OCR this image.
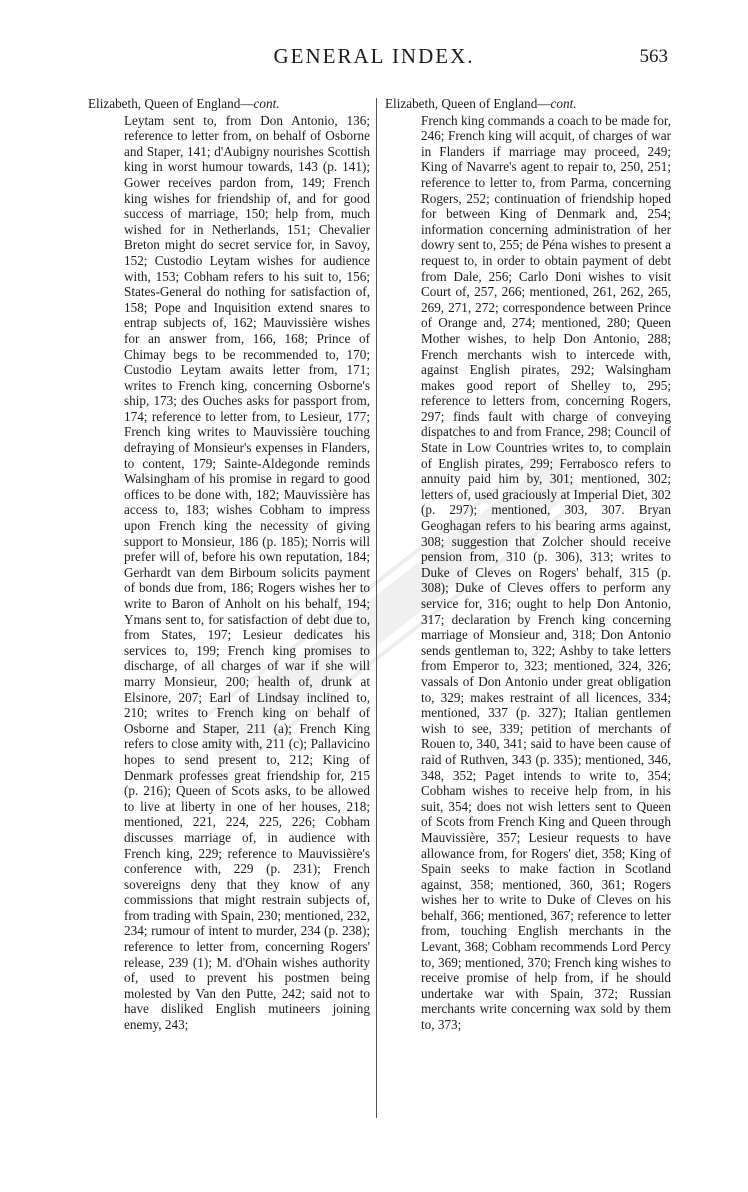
GENERAL INDEX.	563

Elizabeth, Queen of England—cont.

Leytam sent to, from Don Antonio, 136; reference to letter from, on behalf of Osborne and Staper, 141; d'Aubigny nourishes Scottish king in worst humour towards, 143 (p. 141); Gower receives pardon from, 149; French king wishes for friendship of, and for good success of marriage, 150; help from, much wished for in Netherlands, 151; Chevalier Breton might do secret service for, in Savoy, 152; Custodio Leytam wishes for audience with, 153; Cobham refers to his suit to, 156; States-General do nothing for satisfaction of, 158; Pope and Inquisition extend snares to entrap subjects of, 162; Mauvissière wishes for an answer from, 166, 168; Prince of Chimay begs to be recommended to, 170; Custodio Leytam awaits letter from, 171; writes to French king, concerning Osborne's ship, 173; des Ouches asks for passport from, 174; reference to letter from, to Lesieur, 177; French king writes to Mauvissière touching defraying of Monsieur's expenses in Flanders, to content, 179; Sainte-Aldegonde reminds Walsingham of his promise in regard to good offices to be done with, 182; Mauvissière has access to, 183; wishes Cobham to impress upon French king the necessity of giving support to Monsieur, 186 (p. 185); Norris will prefer will of, before his own reputation, 184; Gerhardt van dem Birboum solicits payment of bonds due from, 186; Rogers wishes her to write to Baron of Anholt on his behalf, 194; Ymans sent to, for satisfaction of debt due to, from States, 197; Lesieur dedicates his services to, 199; French king promises to discharge, of all charges of war if she will marry Monsieur, 200; health of, drunk at Elsinore, 207; Earl of Lindsay inclined to, 210; writes to French king on behalf of Osborne and Staper, 211 (a); French King refers to close amity with, 211 (c); Pallavicino hopes to send present to, 212; King of Denmark professes great friendship for, 215 (p. 216); Queen of Scots asks, to be allowed to live at liberty in one of her houses, 218; mentioned, 221, 224, 225, 226; Cobham discusses marriage of, in audience with French king, 229; reference to Mauvissière's conference with, 229 (p. 231); French sovereigns deny that they know of any commissions that might restrain subjects of, from trading with Spain, 230; mentioned, 232, 234; rumour of intent to murder, 234 (p. 238); reference to letter from, concerning Rogers' release, 239 (1); M. d'Ohain wishes authority of, used to prevent his postmen being molested by Van den Putte, 242; said not to have disliked English mutineers joining enemy, 243;

Elizabeth, Queen of England—cont.

French king commands a coach to be made for, 246; French king will acquit, of charges of war in Flanders if marriage may proceed, 249; King of Navarre's agent to repair to, 250, 251; reference to letter to, from Parma, concerning Rogers, 252; continuation of friendship hoped for between King of Denmark and, 254; information concerning administration of her dowry sent to, 255; de Péna wishes to present a request to, in order to obtain payment of debt from Dale, 256; Carlo Doni wishes to visit Court of, 257, 266; mentioned, 261, 262, 265, 269, 271, 272; correspondence between Prince of Orange and, 274; mentioned, 280; Queen Mother wishes, to help Don Antonio, 288; French merchants wish to intercede with, against English pirates, 292; Walsingham makes good report of Shelley to, 295; reference to letters from, concerning Rogers, 297; finds fault with charge of conveying dispatches to and from France, 298; Council of State in Low Countries writes to, to complain of English pirates, 299; Ferrabosco refers to annuity paid him by, 301; mentioned, 302; letters of, used graciously at Imperial Diet, 302 (p. 297); mentioned, 303, 307. Bryan Geoghagan refers to his bearing arms against, 308; suggestion that Zolcher should receive pension from, 310 (p. 306), 313; writes to Duke of Cleves on Rogers' behalf, 315 (p. 308); Duke of Cleves offers to perform any service for, 316; ought to help Don Antonio, 317; declaration by French king concerning marriage of Monsieur and, 318; Don Antonio sends gentleman to, 322; Ashby to take letters from Emperor to, 323; mentioned, 324, 326; vassals of Don Antonio under great obligation to, 329; makes restraint of all licences, 334; mentioned, 337 (p. 327); Italian gentlemen wish to see, 339; petition of merchants of Rouen to, 340, 341; said to have been cause of raid of Ruthven, 343 (p. 335); mentioned, 346, 348, 352; Paget intends to write to, 354; Cobham wishes to receive help from, in his suit, 354; does not wish letters sent to Queen of Scots from French King and Queen through Mauvissière, 357; Lesieur requests to have allowance from, for Rogers' diet, 358; King of Spain seeks to make faction in Scotland against, 358; mentioned, 360, 361; Rogers wishes her to write to Duke of Cleves on his behalf, 366; mentioned, 367; reference to letter from, touching English merchants in the Levant, 368; Cobham recommends Lord Percy to, 369; mentioned, 370; French king wishes to receive promise of help from, if he should undertake war with Spain, 372; Russian merchants write concerning wax sold by them to, 373;
